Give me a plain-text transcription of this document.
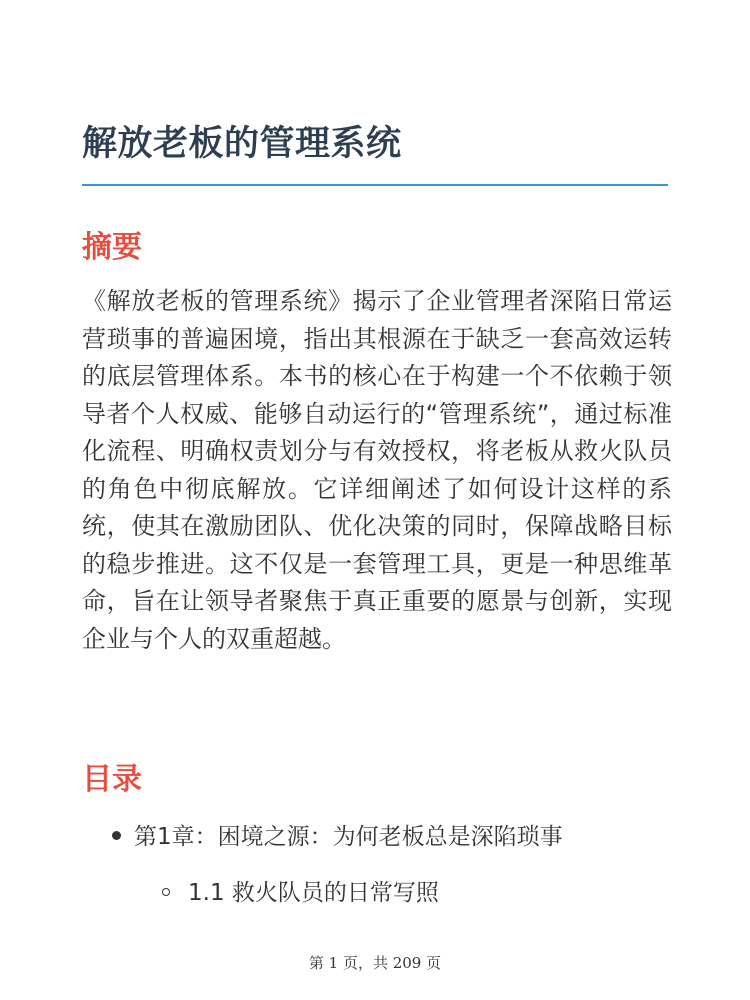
解放老板的管理系统
摘要

《解放老板的管理系统》揭示了企业管理者深陷日常运营琐事的普遍困境，指出其根源在于缺乏一套高效运转的底层管理体系。本书的核心在于构建一个不依赖于领导者个人权威、能够自动运行的“管理系统”，通过标准化流程、明确权责划分与有效授权，将老板从救火队员的角色中彻底解放。它详细阐述了如何设计这样的系统，使其在激励团队、优化决策的同时，保障战略目标的稳步推进。这不仅是一套管理工具，更是一种思维革命，旨在让领导者聚焦于真正重要的愿景与创新，实现企业与个人的双重超越。

目录
第1章：困境之源：为何老板总是深陷琐事
1.1 救火队员的日常写照

第 1 页，共 209 页
